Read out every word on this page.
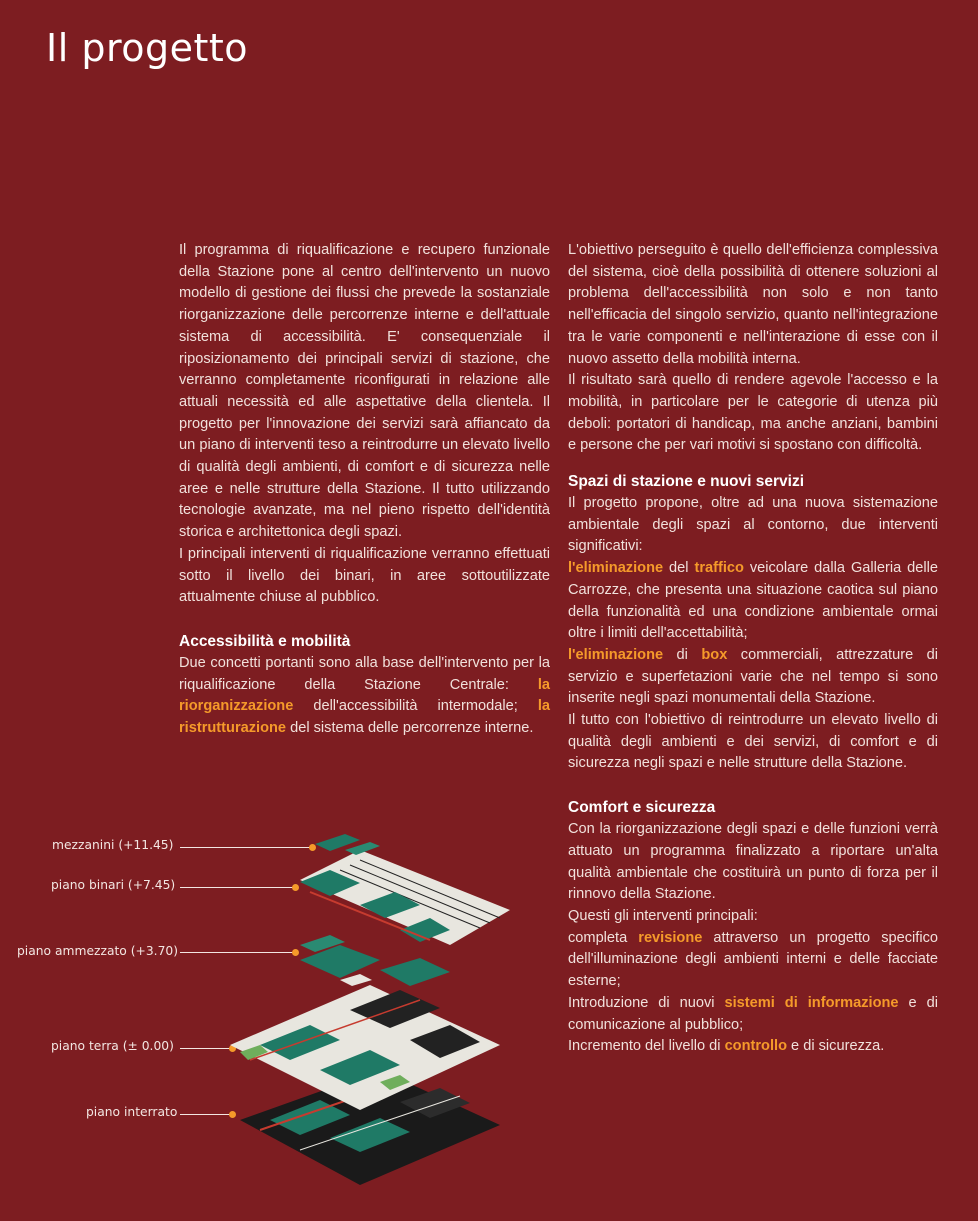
Il progetto

Il programma di riqualificazione e recupero funzionale della Stazione pone al centro dell'intervento un nuovo modello di gestione dei flussi che prevede la sostanziale riorganizzazione delle percorrenze interne e dell'attuale sistema di accessibilità. E' consequenziale il riposizionamento dei principali servizi di stazione, che verranno completamente riconfigurati in relazione alle attuali necessità ed alle aspettative della clientela. Il progetto per l'innovazione dei servizi sarà affiancato da un piano di interventi teso a reintrodurre un elevato livello di qualità degli ambienti, di comfort e di sicurezza nelle aree e nelle strutture della Stazione. Il tutto utilizzando tecnologie avanzate, ma nel pieno rispetto dell'identità storica e architettonica degli spazi.

I principali interventi di riqualificazione verranno effettuati sotto il livello dei binari, in aree sottoutilizzate attualmente chiuse al pubblico.

Accessibilità e mobilità

Due concetti portanti sono alla base dell'intervento per la riqualificazione della Stazione Centrale: la riorganizzazione dell'accessibilità intermodale; la ristrutturazione del sistema delle percorrenze interne.

L'obiettivo perseguito è quello dell'efficienza complessiva del sistema, cioè della possibilità di ottenere soluzioni al problema dell'accessibilità non solo e non tanto nell'efficacia del singolo servizio, quanto nell'integrazione tra le varie componenti e nell'interazione di esse con il nuovo assetto della mobilità interna.

Il risultato sarà quello di rendere agevole l'accesso e la mobilità, in particolare per le categorie di utenza più deboli: portatori di handicap, ma anche anziani, bambini e persone che per vari motivi si spostano con difficoltà.

Spazi di stazione e nuovi servizi

Il progetto propone, oltre ad una nuova sistemazione ambientale degli spazi al contorno, due interventi significativi:

l'eliminazione del traffico veicolare dalla Galleria delle Carrozze, che presenta una situazione caotica sul piano della funzionalità ed una condizione ambientale ormai oltre i limiti dell'accettabilità;

l'eliminazione di box commerciali, attrezzature di servizio e superfetazioni varie che nel tempo si sono inserite negli spazi monumentali della Stazione.

Il tutto con l'obiettivo di reintrodurre un elevato livello di qualità degli ambienti e dei servizi, di comfort e di sicurezza negli spazi e nelle strutture della Stazione.

Comfort e sicurezza

Con la riorganizzazione degli spazi e delle funzioni verrà attuato un programma finalizzato a riportare un'alta qualità ambientale che costituirà un punto di forza per il rinnovo della Stazione.

Questi gli interventi principali:

completa revisione attraverso un progetto specifico dell'illuminazione degli ambienti interni e delle facciate esterne;

Introduzione di nuovi sistemi di informazione e di comunicazione al pubblico;

Incremento del livello di controllo e di sicurezza.

mezzanini (+11.45)
piano binari (+7.45)
piano ammezzato (+3.70)
piano terra (± 0.00)
piano interrato
